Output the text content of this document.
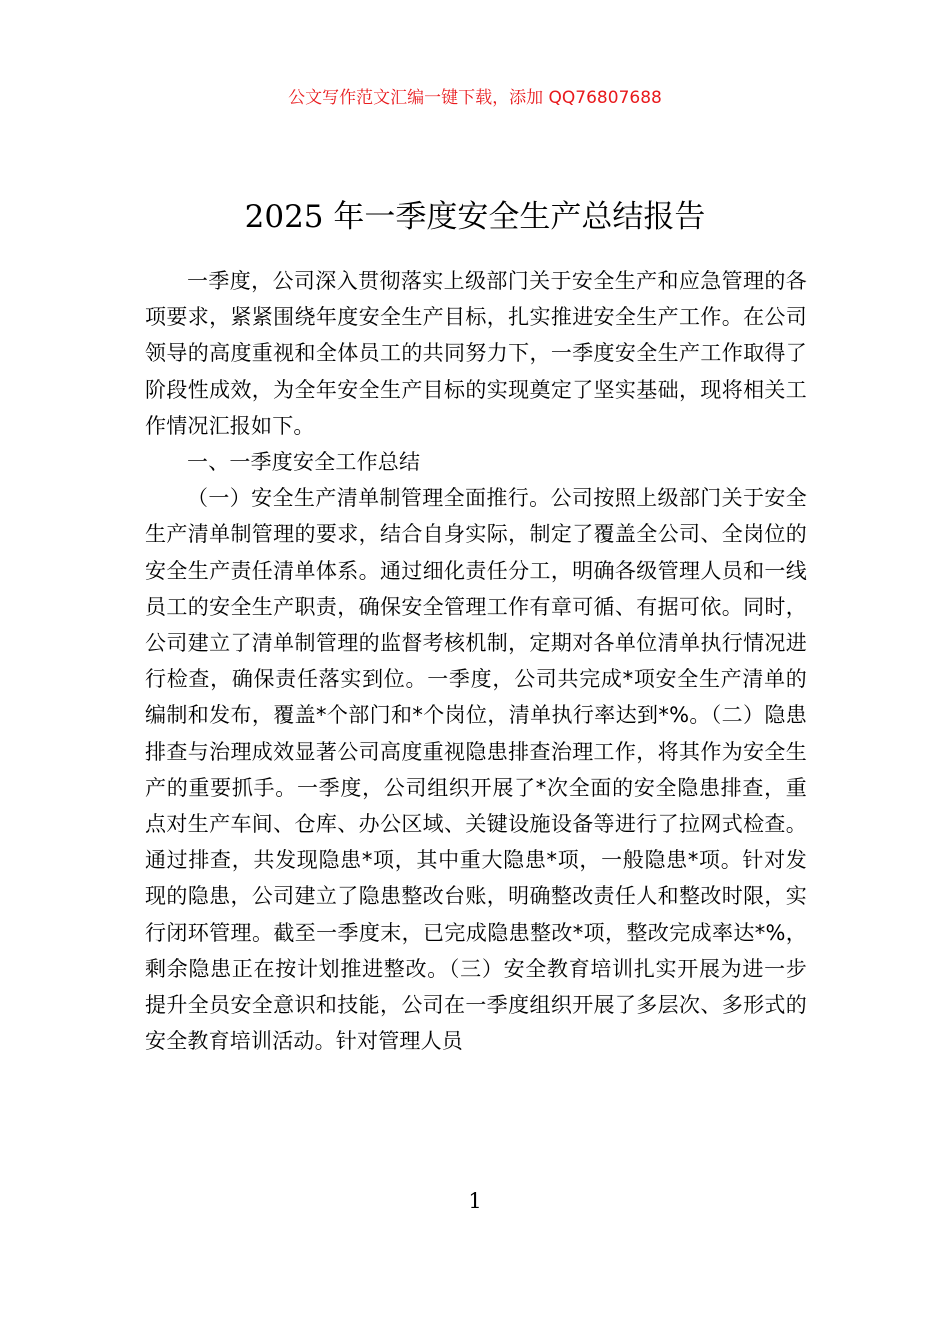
公文写作范文汇编一键下载，添加 QQ76807688
2025 年一季度安全生产总结报告

一季度，公司深入贯彻落实上级部门关于安全生产和应急管理的各项要求，紧紧围绕年度安全生产目标，扎实推进安全生产工作。在公司领导的高度重视和全体员工的共同努力下，一季度安全生产工作取得了阶段性成效，为全年安全生产目标的实现奠定了坚实基础，现将相关工作情况汇报如下。

一、一季度安全工作总结

（一）安全生产清单制管理全面推行。公司按照上级部门关于安全生产清单制管理的要求，结合自身实际，制定了覆盖全公司、全岗位的安全生产责任清单体系。通过细化责任分工，明确各级管理人员和一线员工的安全生产职责，确保安全管理工作有章可循、有据可依。同时，公司建立了清单制管理的监督考核机制，定期对各单位清单执行情况进行检查，确保责任落实到位。一季度，公司共完成*项安全生产清单的编制和发布，覆盖*个部门和*个岗位，清单执行率达到*%。（二）隐患排查与治理成效显著公司高度重视隐患排查治理工作，将其作为安全生产的重要抓手。一季度，公司组织开展了*次全面的安全隐患排查，重点对生产车间、仓库、办公区域、关键设施设备等进行了拉网式检查。通过排查，共发现隐患*项，其中重大隐患*项，一般隐患*项。针对发现的隐患，公司建立了隐患整改台账，明确整改责任人和整改时限，实行闭环管理。截至一季度末，已完成隐患整改*项，整改完成率达*%，剩余隐患正在按计划推进整改。（三）安全教育培训扎实开展为进一步提升全员安全意识和技能，公司在一季度组织开展了多层次、多形式的安全教育培训活动。针对管理人员

1
